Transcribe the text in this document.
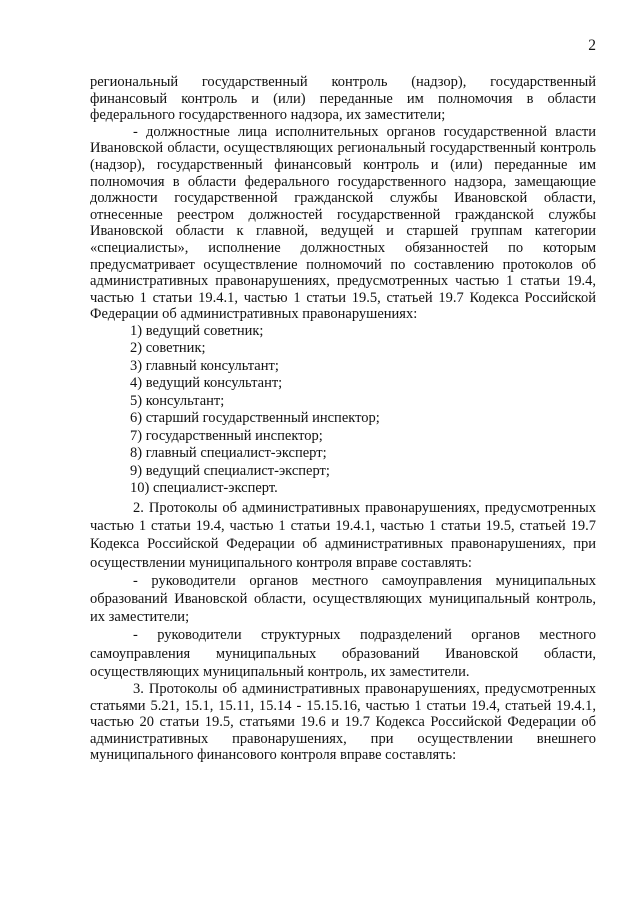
2

региональный государственный контроль (надзор), государственный финансовый контроль и (или) переданные им полномочия в области федерального государственного надзора, их заместители;

- должностные лица исполнительных органов государственной власти Ивановской области, осуществляющих региональный государственный контроль (надзор), государственный финансовый контроль и (или) переданные им полномочия в области федерального государственного надзора, замещающие должности государственной гражданской службы Ивановской области, отнесенные реестром должностей государственной гражданской службы Ивановской области к главной, ведущей и старшей группам категории «специалисты», исполнение должностных обязанностей по которым предусматривает осуществление полномочий по составлению протоколов об административных правонарушениях, предусмотренных частью 1 статьи 19.4, частью 1 статьи 19.4.1, частью 1 статьи 19.5, статьей 19.7 Кодекса Российской Федерации об административных правонарушениях:

1) ведущий советник;
2) советник;
3) главный консультант;
4) ведущий консультант;
5) консультант;
6) старший государственный инспектор;
7) государственный инспектор;
8) главный специалист-эксперт;
9) ведущий специалист-эксперт;
10) специалист-эксперт.

2. Протоколы об административных правонарушениях, предусмотренных частью 1 статьи 19.4, частью 1 статьи 19.4.1, частью 1 статьи 19.5, статьей 19.7 Кодекса Российской Федерации об административных правонарушениях, при осуществлении муниципального контроля вправе составлять:

- руководители органов местного самоуправления муниципальных образований Ивановской области, осуществляющих муниципальный контроль, их заместители;

- руководители структурных подразделений органов местного самоуправления муниципальных образований Ивановской области, осуществляющих муниципальный контроль, их заместители.

3. Протоколы об административных правонарушениях, предусмотренных статьями 5.21, 15.1, 15.11, 15.14 - 15.15.16, частью 1 статьи 19.4, статьей 19.4.1, частью 20 статьи 19.5, статьями 19.6 и 19.7 Кодекса Российской Федерации об административных правонарушениях, при осуществлении внешнего муниципального финансового контроля вправе составлять:
